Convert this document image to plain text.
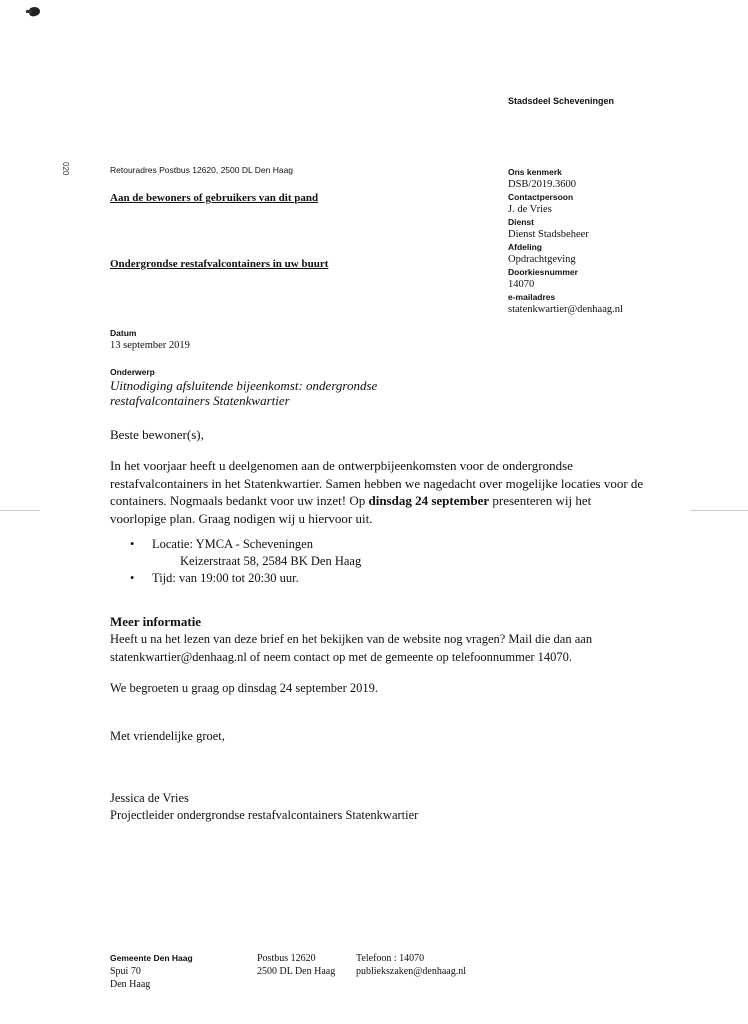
Stadsdeel Scheveningen
020	Retouradres Postbus 12620, 2500 DL Den Haag
Aan de bewoners of gebruikers van dit pand
Ondergrondse restafvalcontainers in uw buurt
Ons kenmerk
DSB/2019.3600
Contactpersoon
J. de Vries
Dienst
Dienst Stadsbeheer
Afdeling
Opdrachtgeving
Doorkiesnummer
14070
e-mailadres
statenkwartier@denhaag.nl
Datum
13 september 2019
Onderwerp
Uitnodiging afsluitende bijeenkomst: ondergrondse restafvalcontainers Statenkwartier
Beste bewoner(s),
In het voorjaar heeft u deelgenomen aan de ontwerpbijeenkomsten voor de ondergrondse restafvalcontainers in het Statenkwartier. Samen hebben we nagedacht over mogelijke locaties voor de containers. Nogmaals bedankt voor uw inzet! Op dinsdag 24 september presenteren wij het voorlopige plan. Graag nodigen wij u hiervoor uit.
• Locatie: YMCA - Scheveningen
Keizerstraat 58, 2584 BK Den Haag
• Tijd: van 19:00 tot 20:30 uur.
Meer informatie
Heeft u na het lezen van deze brief en het bekijken van de website nog vragen? Mail die dan aan statenkwartier@denhaag.nl of neem contact op met de gemeente op telefoonnummer 14070.
We begroeten u graag op dinsdag 24 september 2019.
Met vriendelijke groet,
Jessica de Vries
Projectleider ondergrondse restafvalcontainers Statenkwartier
Gemeente Den Haag
Spui 70
Den Haag
Postbus 12620
2500 DL Den Haag
Telefoon : 14070
publiekszaken@denhaag.nl
